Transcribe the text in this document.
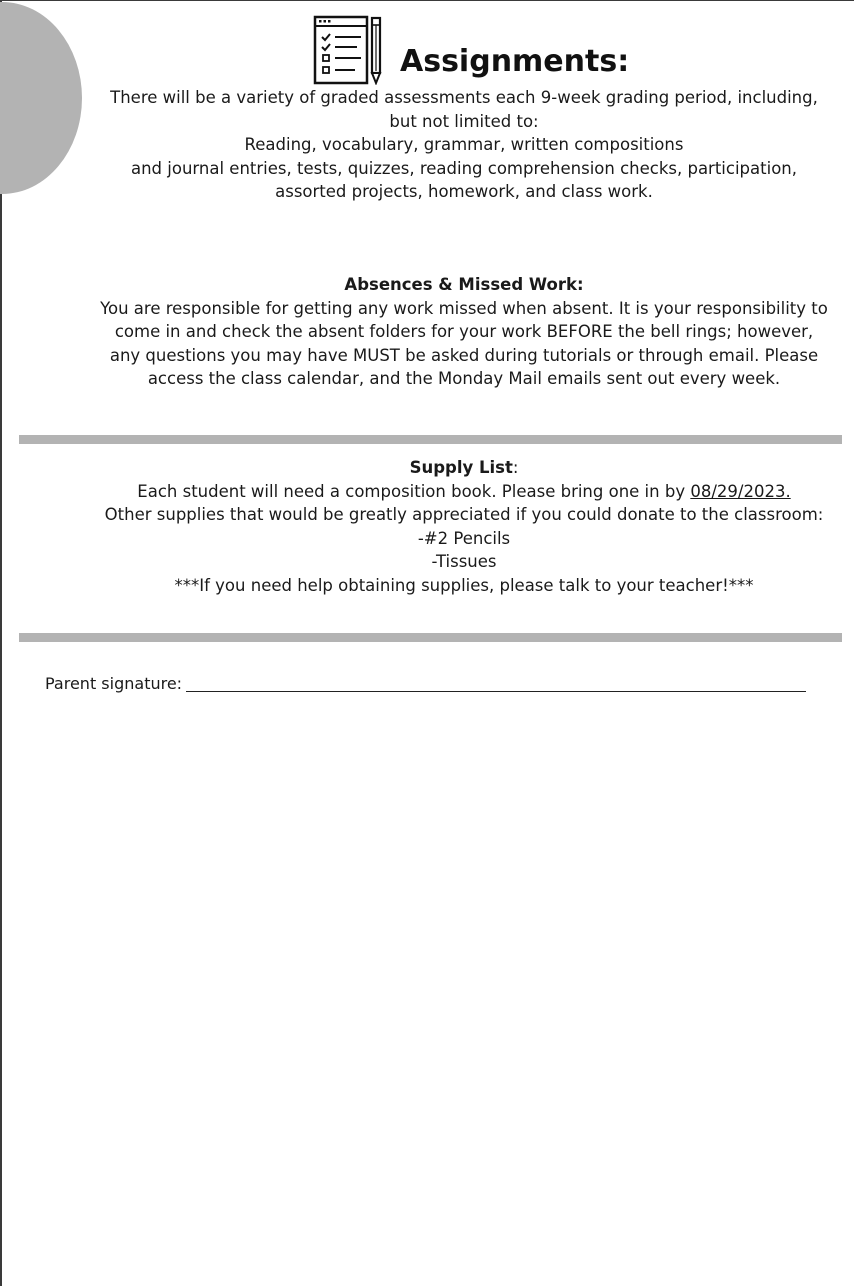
Assignments:

There will be a variety of graded assessments each 9-week grading period, including, but not limited to:

Reading, vocabulary, grammar, written compositions

and journal entries, tests, quizzes, reading comprehension checks, participation, assorted projects, homework, and class work.

Absences & Missed Work:

You are responsible for getting any work missed when absent. It is your responsibility to come in and check the absent folders for your work BEFORE the bell rings; however, any questions you may have MUST be asked during tutorials or through email. Please access the class calendar, and the Monday Mail emails sent out every week.

Supply List:

Each student will need a composition book. Please bring one in by 08/29/2023.

Other supplies that would be greatly appreciated if you could donate to the classroom:

-#2 Pencils

-Tissues

***If you need help obtaining supplies, please talk to your teacher!***

Parent signature:
